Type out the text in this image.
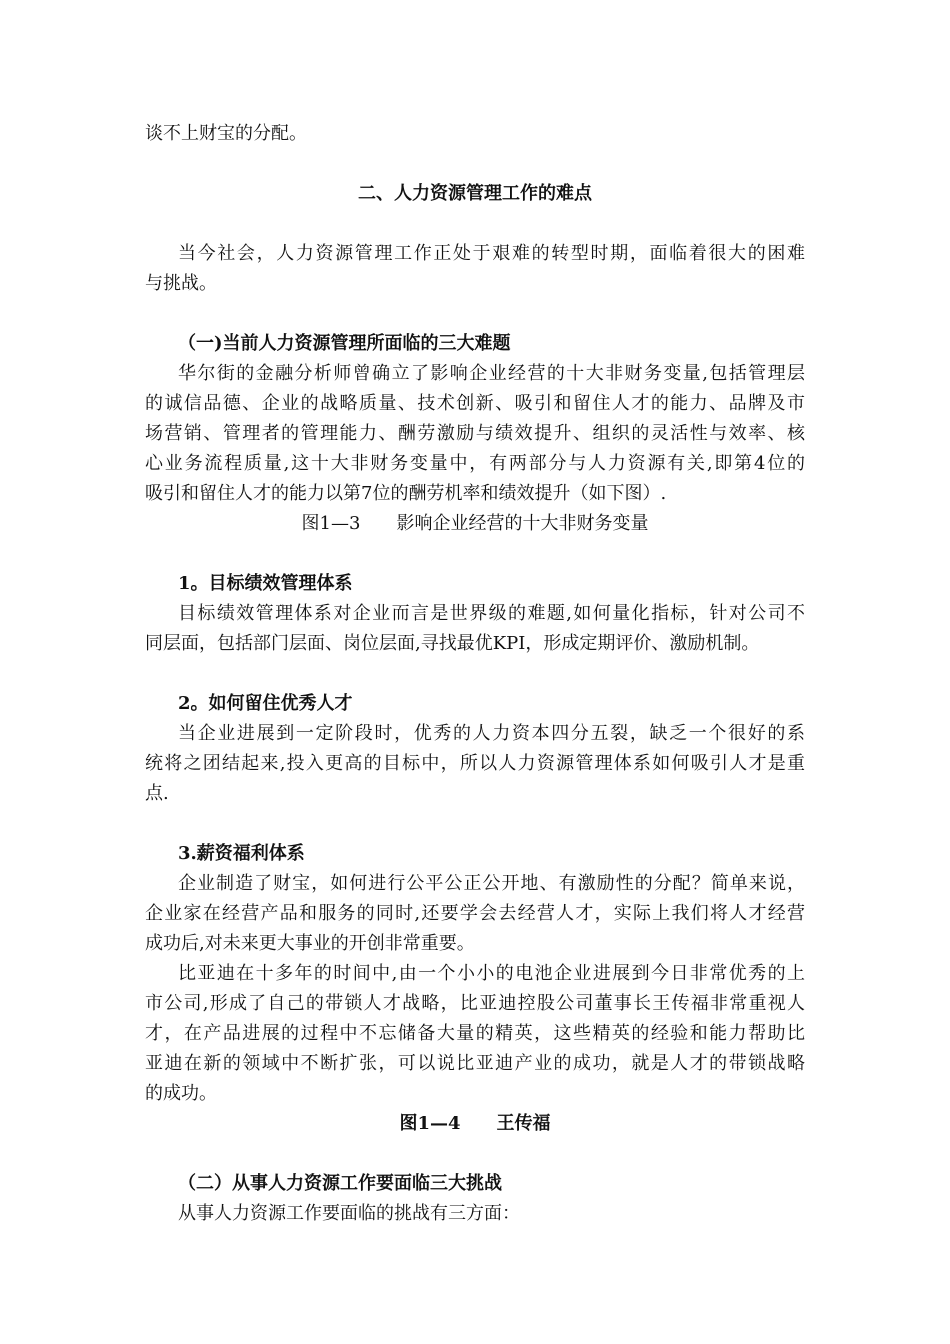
谈不上财宝的分配。
二、人力资源管理工作的难点
当今社会，人力资源管理工作正处于艰难的转型时期，面临着很大的困难
与挑战。
（一)当前人力资源管理所面临的三大难题
华尔街的金融分析师曾确立了影响企业经营的十大非财务变量,包括管理层
的诚信品德、企业的战略质量、技术创新、吸引和留住人才的能力、品牌及市
场营销、管理者的管理能力、酬劳激励与绩效提升、组织的灵活性与效率、核
心业务流程质量,这十大非财务变量中，有两部分与人力资源有关,即第4位的
吸引和留住人才的能力以第7位的酬劳机率和绩效提升（如下图）.
图1—3　　影响企业经营的十大非财务变量
1。目标绩效管理体系
目标绩效管理体系对企业而言是世界级的难题,如何量化指标，针对公司不
同层面，包括部门层面、岗位层面,寻找最优KPI，形成定期评价、激励机制。
2。如何留住优秀人才
当企业进展到一定阶段时，优秀的人力资本四分五裂，缺乏一个很好的系
统将之团结起来,投入更高的目标中，所以人力资源管理体系如何吸引人才是重
点.
3.薪资福利体系
企业制造了财宝，如何进行公平公正公开地、有激励性的分配？简单来说，
企业家在经营产品和服务的同时,还要学会去经营人才，实际上我们将人才经营
成功后,对未来更大事业的开创非常重要。
比亚迪在十多年的时间中,由一个小小的电池企业进展到今日非常优秀的上
市公司,形成了自己的带锁人才战略，比亚迪控股公司董事长王传福非常重视人
才，在产品进展的过程中不忘储备大量的精英，这些精英的经验和能力帮助比
亚迪在新的领域中不断扩张，可以说比亚迪产业的成功，就是人才的带锁战略
的成功。
图1—4　　王传福
（二）从事人力资源工作要面临三大挑战
从事人力资源工作要面临的挑战有三方面：
